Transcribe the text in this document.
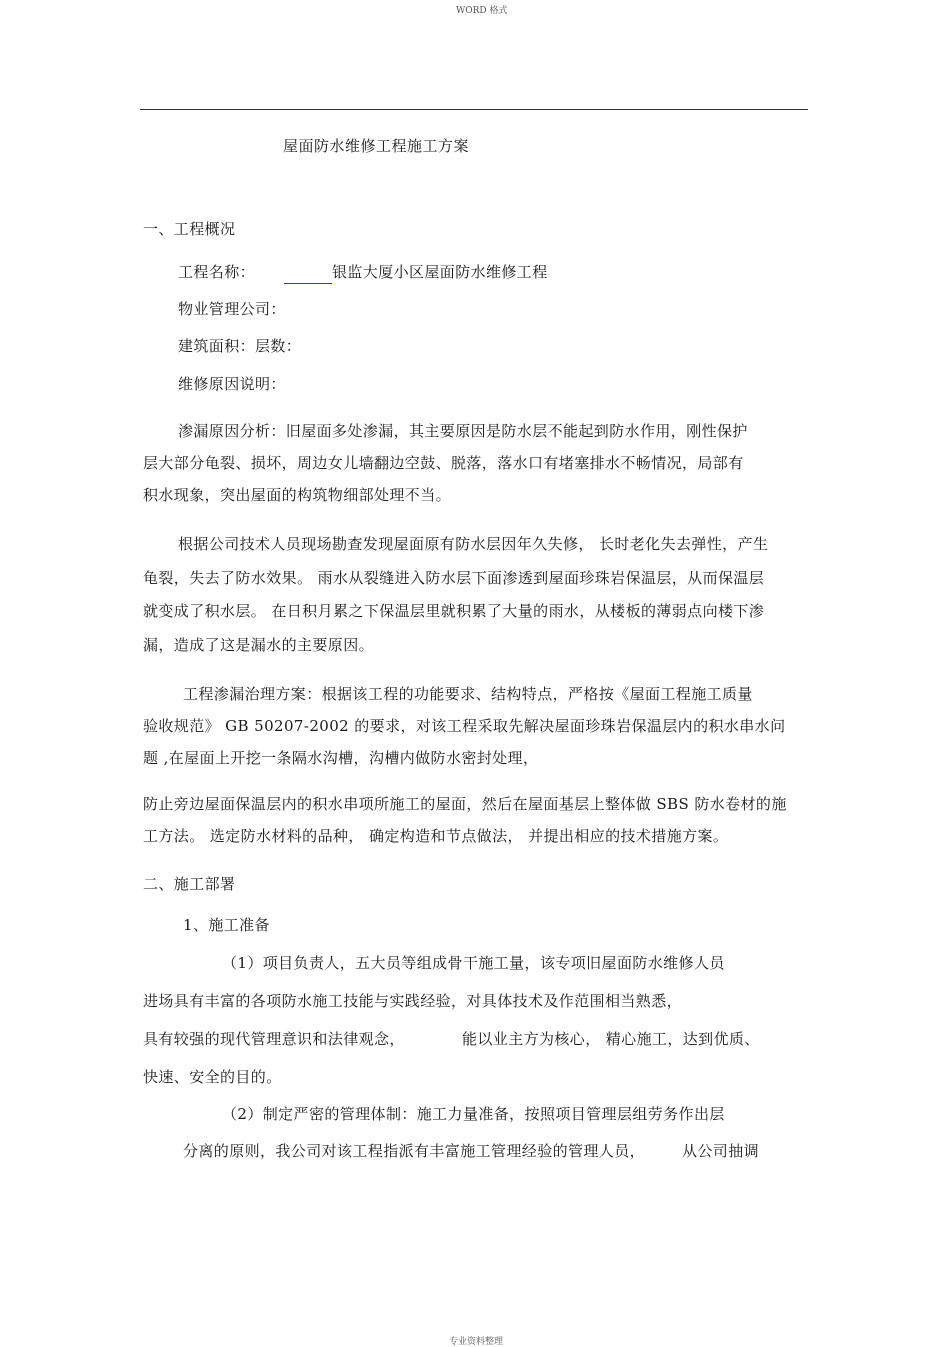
WORD 格式
屋面防水维修工程施工方案
一、工程概况
工程名称：	银监大厦小区屋面防水维修工程
物业管理公司：
建筑面积：层数：
维修原因说明：
渗漏原因分析：旧屋面多处渗漏，其主要原因是防水层不能起到防水作用，刚性保护
层大部分龟裂、损坏，周边女儿墙翻边空鼓、脱落，落水口有堵塞排水不畅情况，局部有
积水现象，突出屋面的构筑物细部处理不当。
根据公司技术人员现场勘查发现屋面原有防水层因年久失修， 长时老化失去弹性，产生
龟裂，失去了防水效果。 雨水从裂缝进入防水层下面渗透到屋面珍珠岩保温层，从而保温层
就变成了积水层。 在日积月累之下保温层里就积累了大量的雨水，从楼板的薄弱点向楼下渗
漏，造成了这是漏水的主要原因。
工程渗漏治理方案：根据该工程的功能要求、结构特点，严格按《屋面工程施工质量
验收规范》 GB 50207-2002 的要求，对该工程采取先解决屋面珍珠岩保温层内的积水串水问
题 ,在屋面上开挖一条隔水沟槽，沟槽内做防水密封处理，
防止旁边屋面保温层内的积水串项所施工的屋面，然后在屋面基层上整体做 SBS 防水卷材的施
工方法。 选定防水材料的品种， 确定构造和节点做法， 并提出相应的技术措施方案。
二、施工部署
1、施工准备
（1）项目负责人，五大员等组成骨干施工量，该专项旧屋面防水维修人员
进场具有丰富的各项防水施工技能与实践经验，对具体技术及作范围相当熟悉，
具有较强的现代管理意识和法律观念，	能以业主方为核心， 精心施工，达到优质、
快速、安全的目的。
（2）制定严密的管理体制：施工力量准备，按照项目管理层组劳务作出层
分离的原则，我公司对该工程指派有丰富施工管理经验的管理人员， 从公司抽调
专业资料整理
